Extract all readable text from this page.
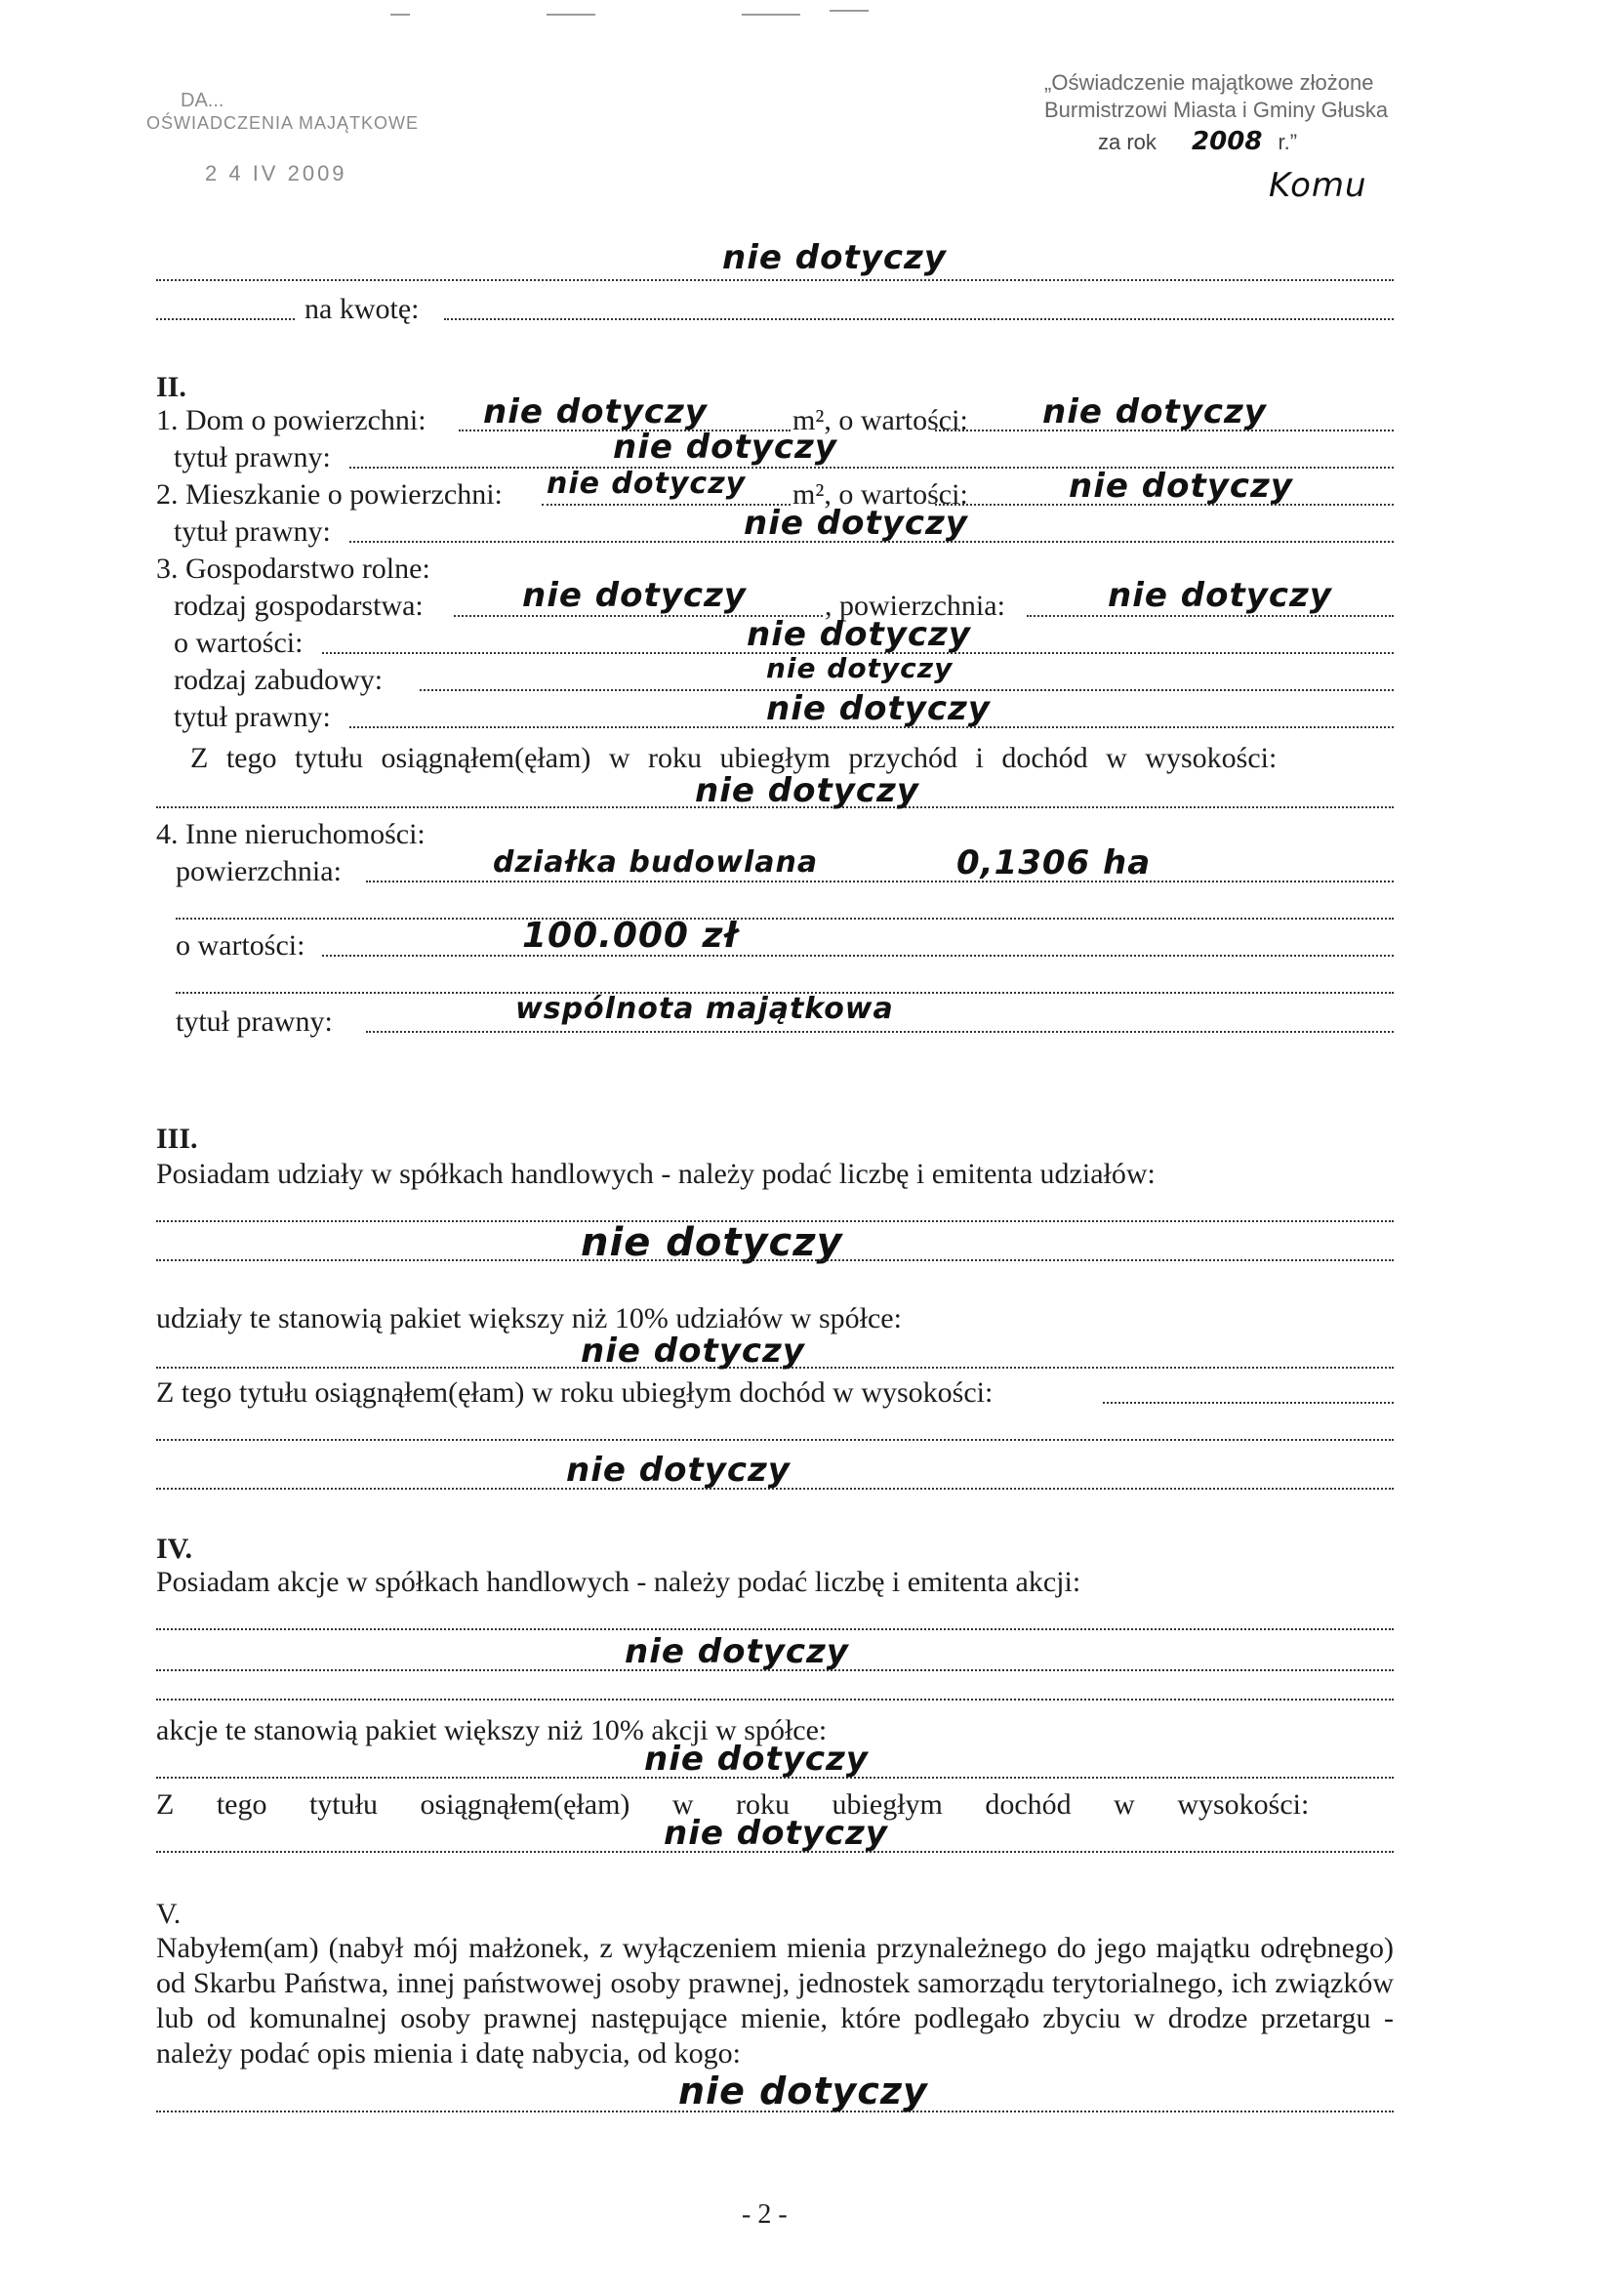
DA...
OŚWIADCZENIA MAJĄTKOWE
2 4 IV 2009
„Oświadczenie majątkowe złożone
Burmistrzowi Miasta i Gminy Głuska
za rok 2008 r.”
Komu
nie dotyczy
na kwotę:
II.
1. Dom o powierzchni: nie dotyczy	m², o wartości: nie dotyczy
tytuł prawny:	nie dotyczy
2. Mieszkanie o powierzchni: nie dotyczy m², o wartości:	nie dotyczy
tytuł prawny:	nie dotyczy
3. Gospodarstwo rolne:
rodzaj gospodarstwa:	nie dotyczy	, powierzchnia:	nie dotyczy
o wartości:	nie dotyczy
rodzaj zabudowy:	nie dotyczy
tytuł prawny:	nie dotyczy
Z tego tytułu osiągnąłem(ęłam) w roku ubiegłym przychód i dochód w wysokości:
nie dotyczy
4. Inne nieruchomości:
powierzchnia:	działka budowlana	0,1306 ha
o wartości:	100.000 zł
tytuł prawny:	wspólnota majątkowa
III.
Posiadam udziały w spółkach handlowych - należy podać liczbę i emitenta udziałów:
nie dotyczy
udziały te stanowią pakiet większy niż 10% udziałów w spółce:
nie dotyczy
Z tego tytułu osiągnąłem(ęłam) w roku ubiegłym dochód w wysokości:
nie dotyczy
IV.
Posiadam akcje w spółkach handlowych - należy podać liczbę i emitenta akcji:
nie dotyczy
akcje te stanowią pakiet większy niż 10% akcji w spółce:
nie dotyczy
Z tego tytułu osiągnąłem(ęłam) w roku ubiegłym dochód w wysokości:
nie dotyczy
V.
Nabyłem(am) (nabył mój małżonek, z wyłączeniem mienia przynależnego do jego majątku odrębnego) od Skarbu Państwa, innej państwowej osoby prawnej, jednostek samorządu terytorialnego, ich związków lub od komunalnej osoby prawnej następujące mienie, które podlegało zbyciu w drodze przetargu - należy podać opis mienia i datę nabycia, od kogo:
nie dotyczy
- 2 -
